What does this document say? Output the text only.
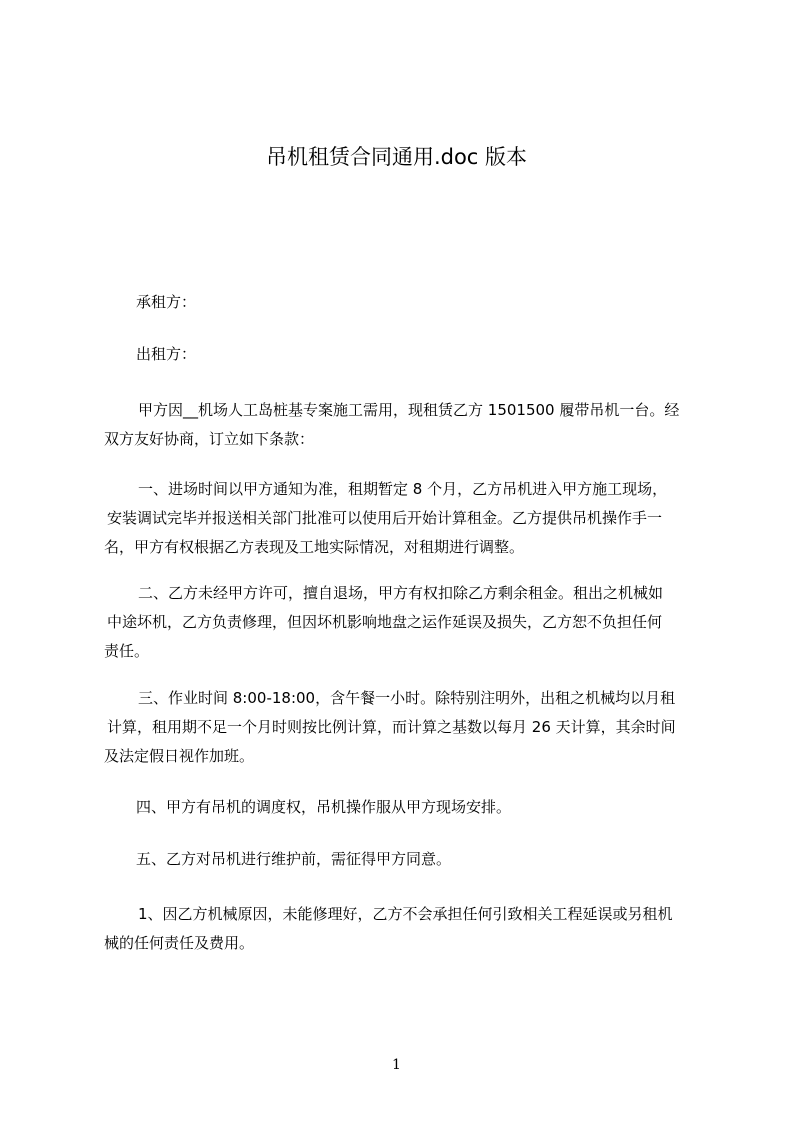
吊机租赁合同通用.doc 版本
承租方：
出租方：
甲方因__机场人工岛桩基专案施工需用，现租赁乙方 1501500 履带吊机一台。经
双方友好协商，订立如下条款：
一、进场时间以甲方通知为准，租期暂定 8 个月，乙方吊机进入甲方施工现场，
安装调试完毕并报送相关部门批准可以使用后开始计算租金。乙方提供吊机操作手一
名，甲方有权根据乙方表现及工地实际情况，对租期进行调整。
二、乙方未经甲方许可，擅自退场，甲方有权扣除乙方剩余租金。租出之机械如
中途坏机，乙方负责修理，但因坏机影响地盘之运作延误及损失，乙方恕不负担任何
责任。
三、作业时间 8:00-18:00，含午餐一小时。除特别注明外，出租之机械均以月租
计算，租用期不足一个月时则按比例计算，而计算之基数以每月 26 天计算，其余时间
及法定假日视作加班。
四、甲方有吊机的调度权，吊机操作服从甲方现场安排。
五、乙方对吊机进行维护前，需征得甲方同意。
1、因乙方机械原因，未能修理好，乙方不会承担任何引致相关工程延误或另租机
械的任何责任及费用。
1
